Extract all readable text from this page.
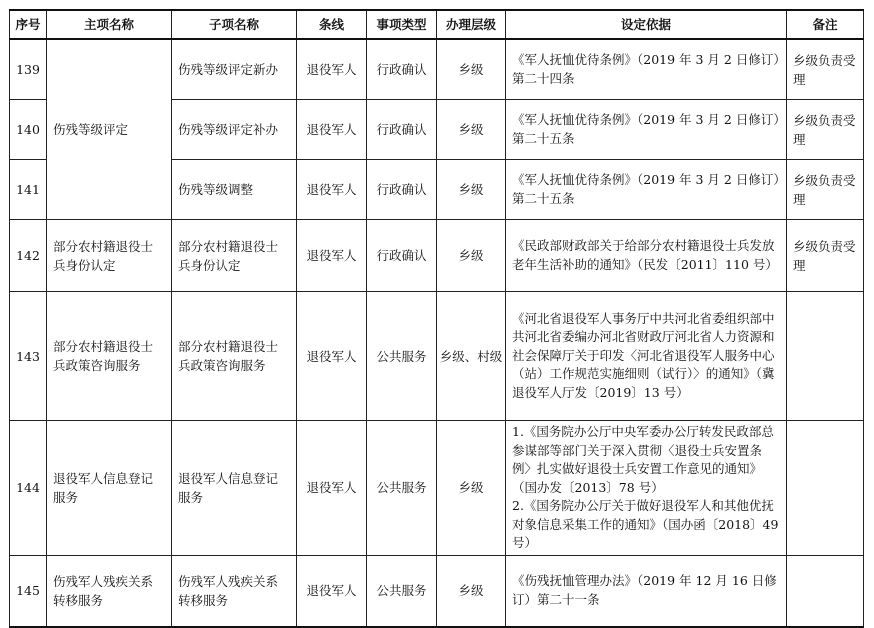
序号	主项名称	子项名称	条线	事项类型	办理层级	设定依据	备注
139	伤残等级评定	伤残等级评定新办	退役军人	行政确认	乡级	《军人抚恤优待条例》（2019 年 3 月 2 日修订）第二十四条	乡级负责受理
140		伤残等级评定补办	退役军人	行政确认	乡级	《军人抚恤优待条例》（2019 年 3 月 2 日修订）第二十五条	乡级负责受理
141		伤残等级调整	退役军人	行政确认	乡级	《军人抚恤优待条例》（2019 年 3 月 2 日修订）第二十五条	乡级负责受理
142	部分农村籍退役士兵身份认定	部分农村籍退役士兵身份认定	退役军人	行政确认	乡级	《民政部财政部关于给部分农村籍退役士兵发放老年生活补助的通知》（民发〔2011〕110 号）	乡级负责受理
143	部分农村籍退役士兵政策咨询服务	部分农村籍退役士兵政策咨询服务	退役军人	公共服务	乡级、村级	《河北省退役军人事务厅中共河北省委组织部中共河北省委编办河北省财政厅河北省人力资源和社会保障厅关于印发〈河北省退役军人服务中心（站）工作规范实施细则（试行）〉的通知》（冀退役军人厅发〔2019〕13 号）	

144	退役军人信息登记服务	退役军人信息登记服务	退役军人	公共服务	乡级	1.《国务院办公厅中央军委办公厅转发民政部总参谋部等部门关于深入贯彻〈退役士兵安置条例〉扎实做好退役士兵安置工作意见的通知》（国办发〔2013〕78 号）
2.《国务院办公厅关于做好退役军人和其他优抚对象信息采集工作的通知》（国办函〔2018〕49 号）	

145	伤残军人残疾关系转移服务	伤残军人残疾关系转移服务	退役军人	公共服务	乡级	《伤残抚恤管理办法》（2019 年 12 月 16 日修订）第二十一条	
